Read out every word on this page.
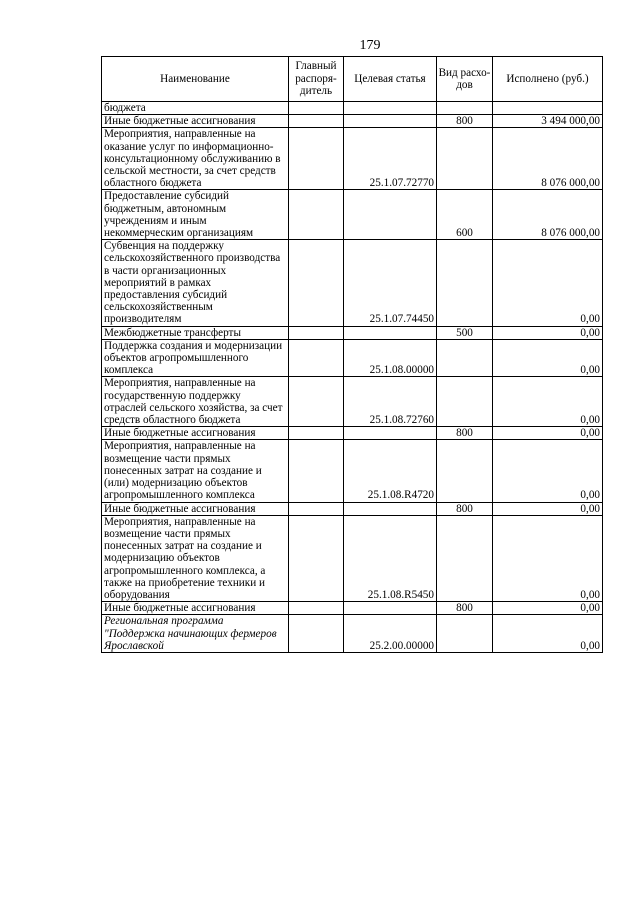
179
Наименование	Главный распоря-дитель	Целевая статья	Вид расхо-дов	Исполнено (руб.)
бюджета				
Иные бюджетные ассигнования			800	3 494 000,00
Мероприятия, направленные на оказание услуг по информационно-консультационному обслуживанию в сельской местности, за счет средств областного бюджета		25.1.07.72770		8 076 000,00
Предоставление субсидий бюджетным, автономным учреждениям и иным некоммерческим организациям			600	8 076 000,00
Субвенция на поддержку сельскохозяйственного производства в части организационных мероприятий в рамках предоставления субсидий сельскохозяйственным производителям		25.1.07.74450		0,00
Межбюджетные трансферты			500	0,00
Поддержка создания и модернизации объектов агропромышленного комплекса		25.1.08.00000		0,00
Мероприятия, направленные на государственную поддержку отраслей сельского хозяйства, за счет средств областного бюджета		25.1.08.72760		0,00
Иные бюджетные ассигнования			800	0,00
Мероприятия, направленные на возмещение части прямых понесенных затрат на создание и (или) модернизацию объектов агропромышленного комплекса		25.1.08.R4720		0,00
Иные бюджетные ассигнования			800	0,00
Мероприятия, направленные на возмещение части прямых понесенных затрат на создание и модернизацию объектов агропромышленного комплекса, а также на приобретение техники и оборудования		25.1.08.R5450		0,00
Иные бюджетные ассигнования			800	0,00
Региональная программа "Поддержка начинающих фермеров Ярославской		25.2.00.00000		0,00
